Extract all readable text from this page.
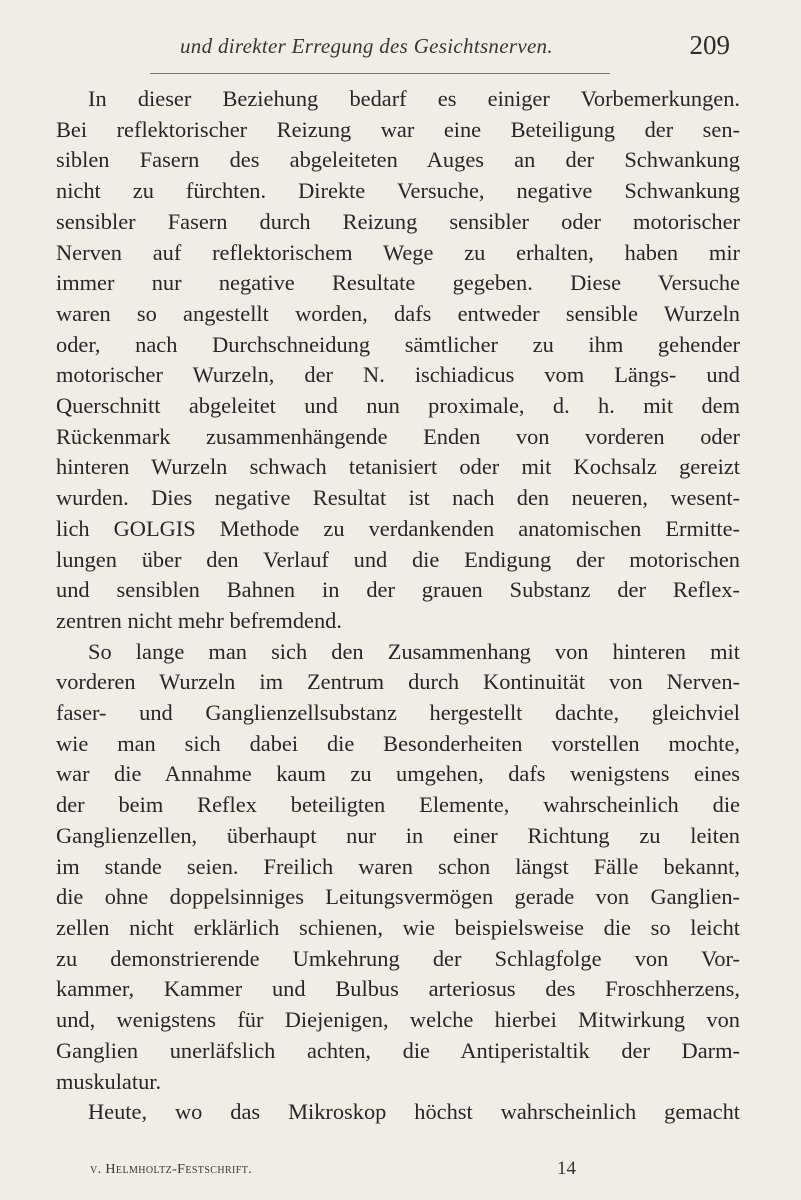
und direkter Erregung des Gesichtsnerven.	209
In dieser Beziehung bedarf es einiger Vorbemerkungen.
Bei reflektorischer Reizung war eine Beteiligung der sen-
siblen Fasern des abgeleiteten Auges an der Schwankung
nicht zu fürchten. Direkte Versuche, negative Schwankung
sensibler Fasern durch Reizung sensibler oder motorischer
Nerven auf reflektorischem Wege zu erhalten, haben mir
immer nur negative Resultate gegeben. Diese Versuche
waren so angestellt worden, dafs entweder sensible Wurzeln
oder, nach Durchschneidung sämtlicher zu ihm gehender
motorischer Wurzeln, der N. ischiadicus vom Längs- und
Querschnitt abgeleitet und nun proximale, d. h. mit dem
Rückenmark zusammenhängende Enden von vorderen oder
hinteren Wurzeln schwach tetanisiert oder mit Kochsalz gereizt
wurden. Dies negative Resultat ist nach den neueren, wesent-
lich GOLGIS Methode zu verdankenden anatomischen Ermitte-
lungen über den Verlauf und die Endigung der motorischen
und sensiblen Bahnen in der grauen Substanz der Reflex-
zentren nicht mehr befremdend.
So lange man sich den Zusammenhang von hinteren mit
vorderen Wurzeln im Zentrum durch Kontinuität von Nerven-
faser- und Ganglienzellsubstanz hergestellt dachte, gleichviel
wie man sich dabei die Besonderheiten vorstellen mochte,
war die Annahme kaum zu umgehen, dafs wenigstens eines
der beim Reflex beteiligten Elemente, wahrscheinlich die
Ganglienzellen, überhaupt nur in einer Richtung zu leiten
im stande seien. Freilich waren schon längst Fälle bekannt,
die ohne doppelsinniges Leitungsvermögen gerade von Ganglien-
zellen nicht erklärlich schienen, wie beispielsweise die so leicht
zu demonstrierende Umkehrung der Schlagfolge von Vor-
kammer, Kammer und Bulbus arteriosus des Froschherzens,
und, wenigstens für Diejenigen, welche hierbei Mitwirkung von
Ganglien unerläfslich achten, die Antiperistaltik der Darm-
muskulatur.
Heute, wo das Mikroskop höchst wahrscheinlich gemacht
v. Helmholtz-Festschrift.	14
